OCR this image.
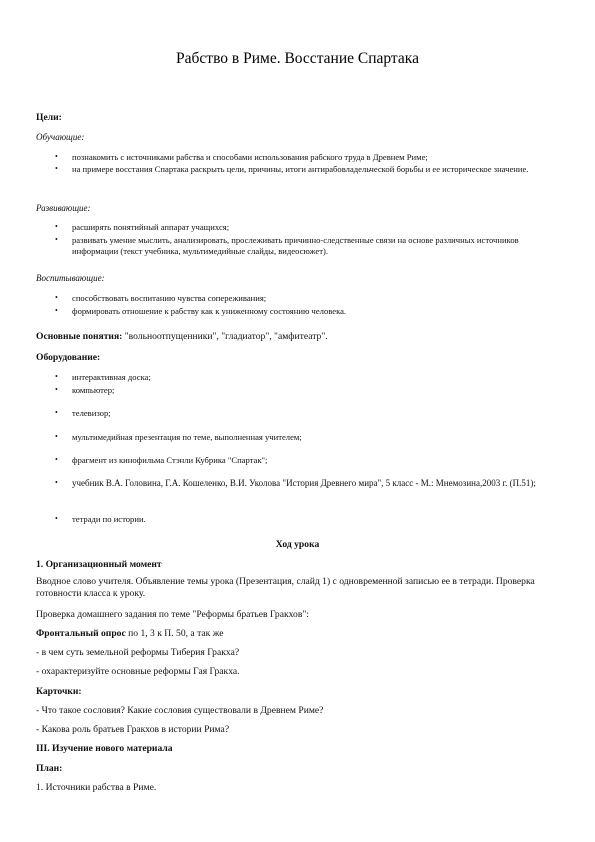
Рабство в Риме. Восстание Спартака
Цели:
Обучающие:
• познакомить с источниками рабства и способами использования рабского труда в Древнем Риме;
• на примере восстания Спартака раскрыть цели, причины, итоги антирабовладельческой борьбы и ее историческое значение.
Развивающие:
• расширять понятийный аппарат учащихся;
• развивать умение мыслить, анализировать, прослеживать причинно-следственные связи на основе различных источников информации (текст учебника, мультимедийные слайды, видеосюжет).
Воспитывающие:
• способствовать воспитанию чувства сопереживания;
• формировать отношение к рабству как к униженному состоянию человека.
Основные понятия: "вольноотпущенники", "гладиатор", "амфитеатр".
Оборудование:
• интерактивная доска;
• компьютер;
• телевизор;
• мультимедийная презентация по теме, выполненная учителем;
• фрагмент из кинофильма Стэнли Кубрика "Спартак";
• учебник В.А. Головина, Г.А. Кошеленко, В.И. Уколова "История Древнего мира", 5 класс - М.: Мнемозина,2003 г. (П.51);
• тетради по истории.
Ход урока
1. Организационный момент
Вводное слово учителя. Объявление темы урока (Презентация, слайд 1) с одновременной записью ее в тетради. Проверка готовности класса к уроку.
Проверка домашнего задания по теме "Реформы братьев Гракхов":
Фронтальный опрос по 1, 3 к П. 50, а так же
- в чем суть земельной реформы Тиберия Гракха?
- охарактеризуйте основные реформы Гая Гракха.
Карточки:
- Что такое сословия? Какие сословия существовали в Древнем Риме?
- Какова роль братьев Гракхов в истории Рима?
III. Изучение нового материала
План:
1. Источники рабства в Риме.
